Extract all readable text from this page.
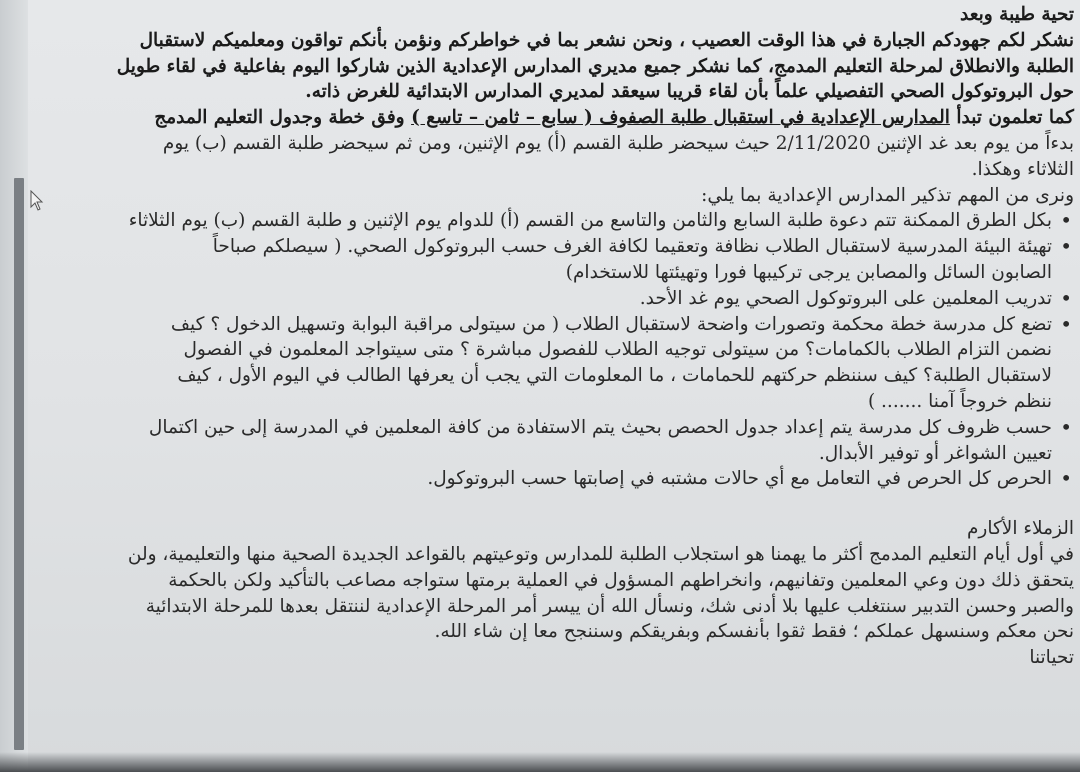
تحية طيبة وبعد

نشكر لكم جهودكم الجبارة في هذا الوقت العصيب ، ونحن نشعر بما في خواطركم ونؤمن بأنكم تواقون ومعلميكم لاستقبال

الطلبة والانطلاق لمرحلة التعليم المدمج، كما نشكر جميع مديري المدارس الإعدادية الذين شاركوا اليوم بفاعلية في لقاء طويل

حول البروتوكول الصحي التفصيلي علماً بأن لقاء قريبا سيعقد لمديري المدارس الابتدائية للغرض ذاته.

كما تعلمون تبدأ المدارس الإعدادية في استقبال طلبة الصفوف ( سابع – ثامن – تاسع ) وفق خطة وجدول التعليم المدمج

بدءاً من يوم بعد غد الإثنين 2/11/2020 حيث سيحضر طلبة القسم (أ) يوم الإثنين، ومن ثم سيحضر طلبة القسم (ب) يوم

الثلاثاء وهكذا.

ونرى من المهم تذكير المدارس الإعدادية بما يلي:

• بكل الطرق الممكنة تتم دعوة طلبة السابع والثامن والتاسع من القسم (أ) للدوام يوم الإثنين و طلبة القسم (ب) يوم الثلاثاء

• تهيئة البيئة المدرسية لاستقبال الطلاب نظافة وتعقيما لكافة الغرف حسب البروتوكول الصحي. ( سيصلكم صباحاً

الصابون السائل والمصابن يرجى تركيبها فورا وتهيئتها للاستخدام)

• تدريب المعلمين على البروتوكول الصحي يوم غد الأحد.

• تضع كل مدرسة خطة محكمة وتصورات واضحة لاستقبال الطلاب ( من سيتولى مراقبة البوابة وتسهيل الدخول ؟ كيف

نضمن التزام الطلاب بالكمامات؟ من سيتولى توجيه الطلاب للفصول مباشرة ؟ متى سيتواجد المعلمون في الفصول

لاستقبال الطلبة؟ كيف سننظم حركتهم للحمامات ، ما المعلومات التي يجب أن يعرفها الطالب في اليوم الأول ، كيف

ننظم خروجاً آمنا ....... )

• حسب ظروف كل مدرسة يتم إعداد جدول الحصص بحيث يتم الاستفادة من كافة المعلمين في المدرسة إلى حين اكتمال

تعيين الشواغر أو توفير الأبدال.

• الحرص كل الحرص في التعامل مع أي حالات مشتبه في إصابتها حسب البروتوكول.

الزملاء الأكارم

في أول أيام التعليم المدمج أكثر ما يهمنا هو استجلاب الطلبة للمدارس وتوعيتهم بالقواعد الجديدة الصحية منها والتعليمية، ولن

يتحقق ذلك دون وعي المعلمين وتفانيهم، وانخراطهم المسؤول في العملية برمتها ستواجه مصاعب بالتأكيد ولكن بالحكمة

والصبر وحسن التدبير سنتغلب عليها بلا أدنى شك، ونسأل الله أن ييسر أمر المرحلة الإعدادية لننتقل بعدها للمرحلة الابتدائية

نحن معكم وسنسهل عملكم ؛ فقط ثقوا بأنفسكم وبفريقكم وسننجح معا إن شاء الله.

تحياتنا
